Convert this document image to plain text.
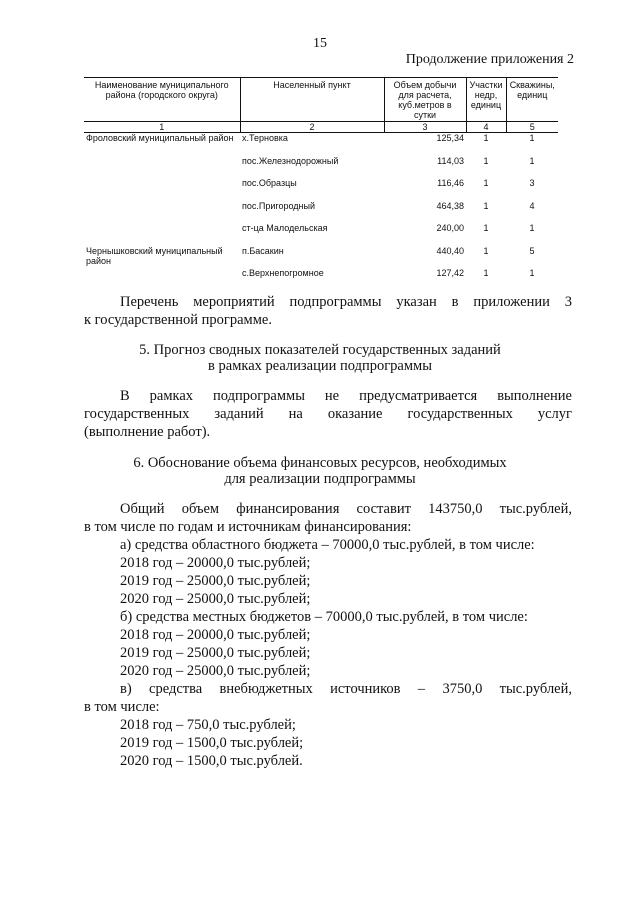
15
Продолжение приложения 2
Наименование муниципального района (городского округа)	Населенный пункт	Объем добычи для расчета, куб.метров в сутки	Участки недр, единиц	Скважины, единиц
1	2	3	4	5
Фроловский муниципальный район	х.Терновка	125,34	1	1
	пос.Железнодорожный	114,03	1	1
	пос.Образцы	116,46	1	3
	пос.Пригородный	464,38	1	4
	ст-ца Малодельская	240,00	1	1
Чернышковский муниципальный район	п.Басакин	440,40	1	5
	с.Верхнепогромное	127,42	1	1
Перечень мероприятий подпрограммы указан в приложении 3
к государственной программе.
5. Прогноз сводных показателей государственных заданий
в рамках реализации подпрограммы
В рамках подпрограммы не предусматривается выполнение
государственных заданий на оказание государственных услуг
(выполнение работ).
6. Обоснование объема финансовых ресурсов, необходимых
для реализации подпрограммы
Общий объем финансирования составит 143750,0 тыс.рублей,
в том числе по годам и источникам финансирования:
а) средства областного бюджета – 70000,0 тыс.рублей, в том числе:
2018 год – 20000,0 тыс.рублей;
2019 год – 25000,0 тыс.рублей;
2020 год – 25000,0 тыс.рублей;
б) средства местных бюджетов – 70000,0 тыс.рублей, в том числе:
2018 год – 20000,0 тыс.рублей;
2019 год – 25000,0 тыс.рублей;
2020 год – 25000,0 тыс.рублей;
в) средства внебюджетных источников – 3750,0 тыс.рублей,
в том числе:
2018 год – 750,0 тыс.рублей;
2019 год – 1500,0 тыс.рублей;
2020 год – 1500,0 тыс.рублей.
